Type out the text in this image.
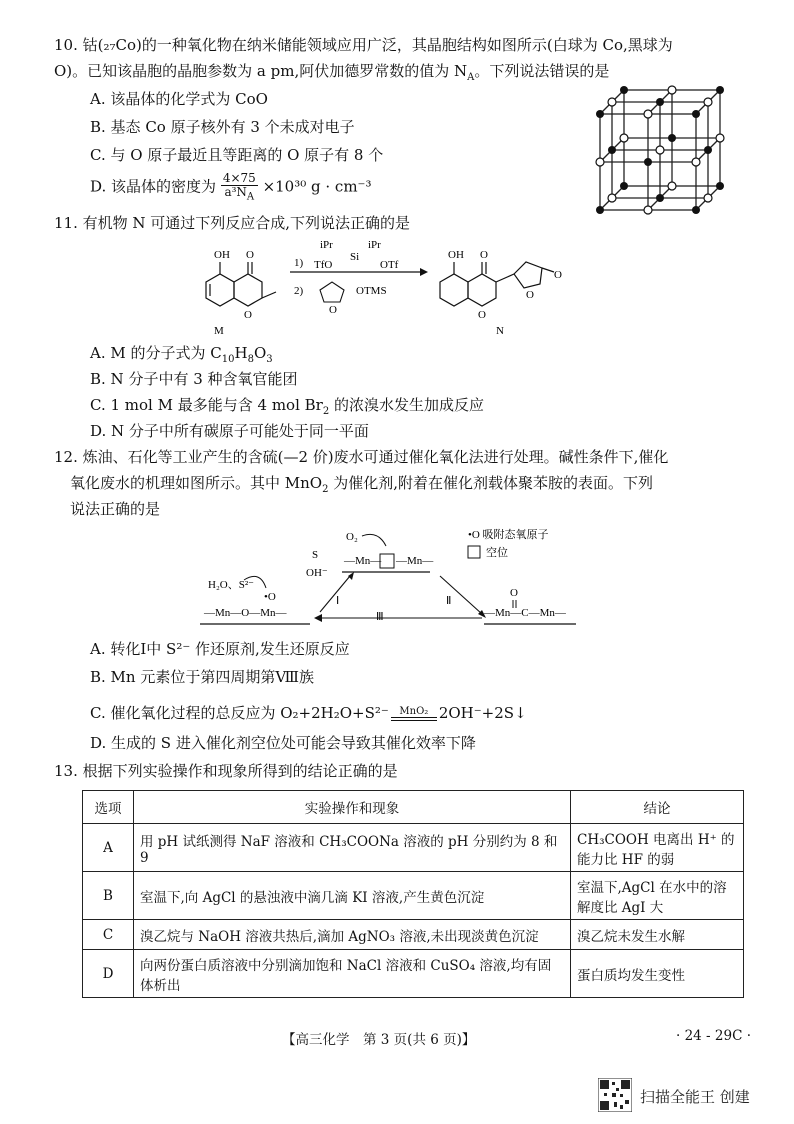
10. 钴(₂₇Co)的一种氧化物在纳米储能领域应用广泛，其晶胞结构如图所示(白球为 Co,黑球为
O)。已知该晶胞的晶胞参数为 a pm,阿伏加德罗常数的值为 $N_A$。下列说法错误的是
A. 该晶体的化学式为 CoO
B. 基态 Co 原子核外有 3 个未成对电子
C. 与 O 原子最近且等距离的 O 原子有 8 个
D. 该晶体的密度为 $\frac{4\times 75}{a^3N_A} \times 10^{30}$ g · cm⁻³
11. 有机物 N 可通过下列反应合成,下列说法正确的是
OH O
O
M
1)
iPr	iPr
TfO
Si
OTf
2)
O
OTMS
OH O
O
O
O
N
A. M 的分子式为 $C_{10}H_8O_3$
B. N 分子中有 3 种含氧官能团
C. 1 mol M 最多能与含 4 mol $Br_2$ 的浓溴水发生加成反应
D. N 分子中所有碳原子可能处于同一平面
12. 炼油、石化等工业产生的含硫(—2 价)废水可通过催化氧化法进行处理。碱性条件下,催化
氧化废水的机理如图所示。其中 MnO$_2$ 为催化剂,附着在催化剂载体聚苯胺的表面。下列
说法正确的是
O₂	•O 吸附态氧原子
空位
—Mn— —Mn—
S
OH⁻
H₂O、S²⁻
•O	Ⅰ	Ⅱ
Ⅲ
—Mn—O—Mn—
O
—Mn—C—Mn—
A. 转化Ⅰ中 S²⁻ 作还原剂,发生还原反应
B. Mn 元素位于第四周期第Ⅷ族
C. 催化氧化过程的总反应为 O₂+2H₂O+S²⁻	MnO₂ 2OH⁻+2S↓
D. 生成的 S 进入催化剂空位处可能会导致其催化效率下降
13. 根据下列实验操作和现象所得到的结论正确的是
选项	实验操作和现象	结论
A	用 pH 试纸测得 NaF 溶液和 CH₃COONa 溶液的 pH 分别约为 8 和 9	CH₃COOH 电离出 H⁺ 的能力比 HF 的弱
B	室温下,向 AgCl 的悬浊液中滴几滴 KI 溶液,产生黄色沉淀	室温下,AgCl 在水中的溶解度比 AgI 大
C	溴乙烷与 NaOH 溶液共热后,滴加 AgNO₃ 溶液,未出现淡黄色沉淀	溴乙烷未发生水解
D	向两份蛋白质溶液中分别滴加饱和 NaCl 溶液和 CuSO₄ 溶液,均有固体析出	蛋白质均发生变性
【高三化学　第 3 页(共 6 页)】	· 24 - 29C ·
扫描全能王 创建
